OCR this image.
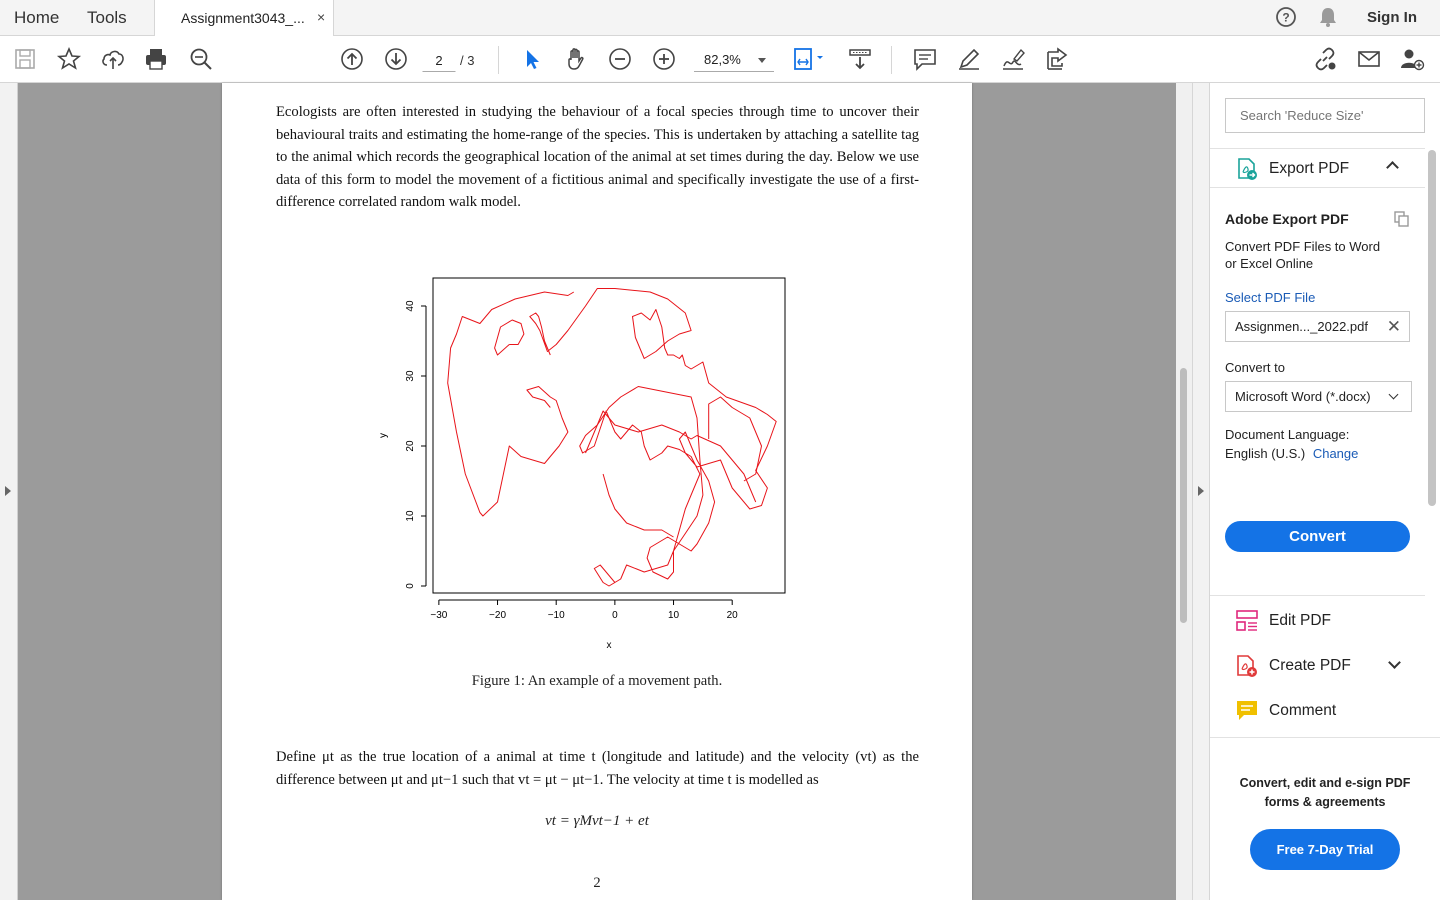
Home Tools	Assignment3043_... ×	?	Sign In
2	/ 3	82,3%

Ecologists are often interested in studying the behaviour of a focal species through time to uncover their behavioural traits and estimating the home-range of the species. This is undertaken by attaching a satellite tag to the animal which records the geographical location of the animal at set times during the day. Below we use data of this form to model the movement of a fictitious animal and specifically investigate the use of a first-difference correlated random walk model.

−30	−20	−10	0	10	20
0
10
20
30
40
x
y
Figure 1: An example of a movement path.

Define μt as the true location of a animal at time t (longitude and latitude) and the velocity (vt) as the difference between μt and μt−1 such that vt = μt − μt−1. The velocity at time t is modelled as

vt = γMvt−1 + et
2
Search 'Reduce Size'
Export PDF
Adobe Export PDF
Convert PDF Files to Word
or Excel Online
Select PDF File
Assignmen..._2022.pdf ✕
Convert to
Microsoft Word (*.docx)
Document Language:
English (U.S.) Change
Convert
Edit PDF
Create PDF
Comment
Convert, edit and e-sign PDF
forms & agreements
Free 7-Day Trial
